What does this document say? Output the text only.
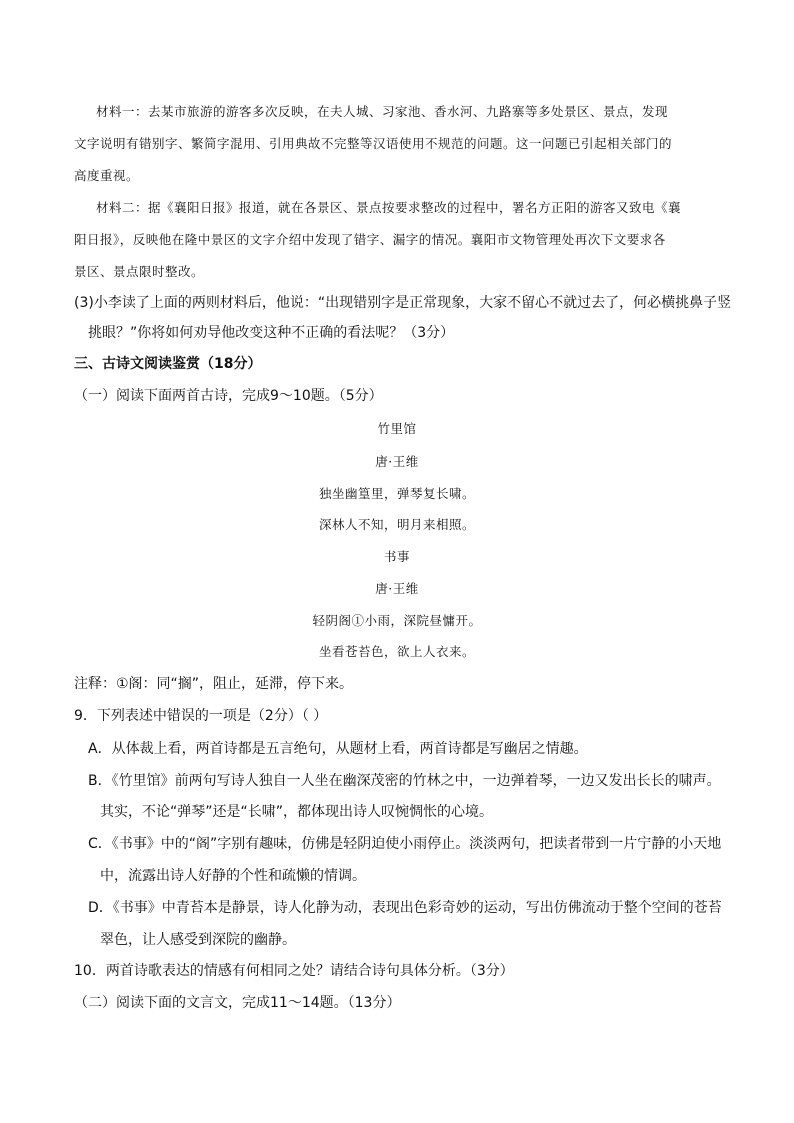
材料一：去某市旅游的游客多次反映，在夫人城、习家池、香水河、九路寨等多处景区、景点，发现
文字说明有错别字、繁简字混用、引用典故不完整等汉语使用不规范的问题。这一问题已引起相关部门的
高度重视。
材料二：据《襄阳日报》报道，就在各景区、景点按要求整改的过程中，署名方正阳的游客又致电《襄
阳日报》，反映他在隆中景区的文字介绍中发现了错字、漏字的情况。襄阳市文物管理处再次下文要求各
景区、景点限时整改。
(3)小李读了上面的两则材料后，他说：“出现错别字是正常现象，大家不留心不就过去了，何必横挑鼻子竖
挑眼？”你将如何劝导他改变这种不正确的看法呢？（3分）
三、古诗文阅读鉴赏（18分）
（一）阅读下面两首古诗，完成9～10题。（5分）
竹里馆
唐·王维
独坐幽篁里，弹琴复长啸。
深林人不知，明月来相照。
书事
唐·王维
轻阴阁①小雨，深院昼慵开。
坐看苍苔色，欲上人衣来。
注释：①阁：同“搁”，阻止，延滞，停下来。
9．下列表述中错误的一项是（2分）（ ）
A．从体裁上看，两首诗都是五言绝句，从题材上看，两首诗都是写幽居之情趣。
B．《竹里馆》前两句写诗人独自一人坐在幽深茂密的竹林之中，一边弹着琴，一边又发出长长的啸声。
其实，不论“弹琴”还是“长啸”，都体现出诗人叹惋惆怅的心境。
C．《书事》中的“阁”字别有趣味，仿佛是轻阴迫使小雨停止。淡淡两句，把读者带到一片宁静的小天地
中，流露出诗人好静的个性和疏懒的情调。
D．《书事》中青苔本是静景，诗人化静为动，表现出色彩奇妙的运动，写出仿佛流动于整个空间的苍苔
翠色，让人感受到深院的幽静。
10．两首诗歌表达的情感有何相同之处？请结合诗句具体分析。（3分）
（二）阅读下面的文言文，完成11～14题。（13分）
